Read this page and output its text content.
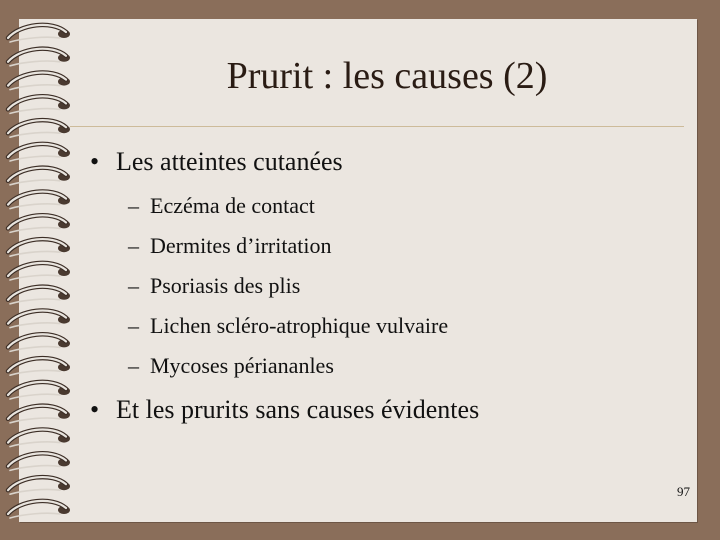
Prurit : les causes (2)
• Les atteintes cutanées
– Eczéma de contact
– Dermites d’irritation
– Psoriasis des plis
– Lichen scléro-atrophique vulvaire
– Mycoses périananles
• Et les prurits sans causes évidentes
97
